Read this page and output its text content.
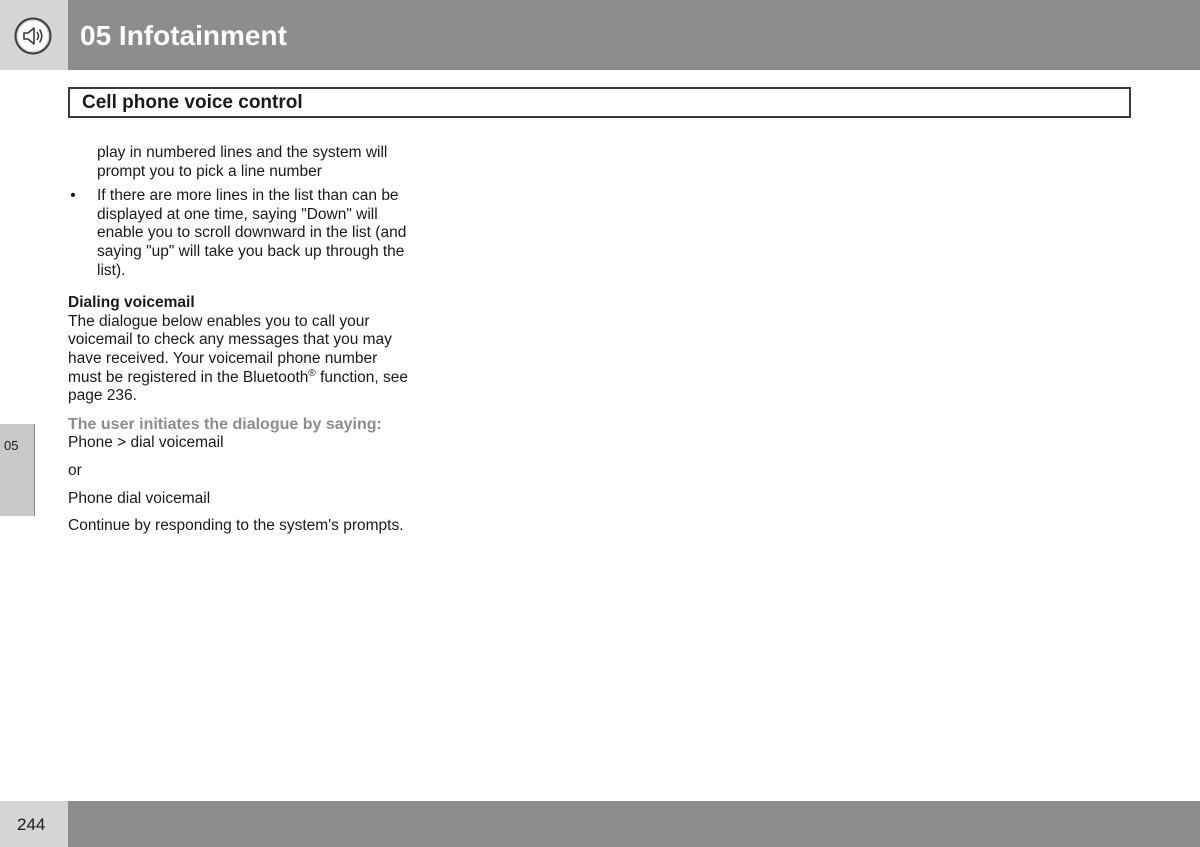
05 Infotainment
Cell phone voice control

play in numbered lines and the system will prompt you to pick a line number

• If there are more lines in the list than can be displayed at one time, saying "Down" will enable you to scroll downward in the list (and saying "up" will take you back up through the list).

Dialing voicemail

The dialogue below enables you to call your voicemail to check any messages that you may have received. Your voicemail phone number must be registered in the Bluetooth® function, see page 236.

The user initiates the dialogue by saying:

Phone > dial voicemail

or

Phone dial voicemail

Continue by responding to the system's prompts.

05
244
